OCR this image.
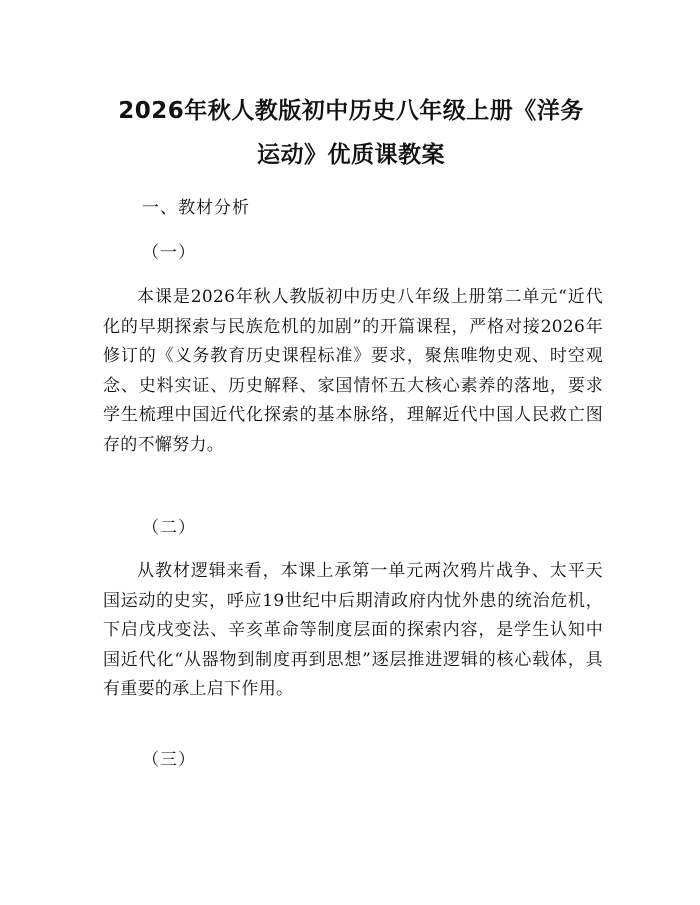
2026年秋人教版初中历史八年级上册《洋务
运动》优质课教案

一、教材分析

（一）

本课是2026年秋人教版初中历史八年级上册第二单元“近代化的早期探索与民族危机的加剧”的开篇课程，严格对接2026年修订的《义务教育历史课程标准》要求，聚焦唯物史观、时空观念、史料实证、历史解释、家国情怀五大核心素养的落地，要求学生梳理中国近代化探索的基本脉络，理解近代中国人民救亡图存的不懈努力。

（二）

从教材逻辑来看，本课上承第一单元两次鸦片战争、太平天国运动的史实，呼应19世纪中后期清政府内忧外患的统治危机，下启戊戌变法、辛亥革命等制度层面的探索内容，是学生认知中国近代化“从器物到制度再到思想”逐层推进逻辑的核心载体，具有重要的承上启下作用。

（三）
